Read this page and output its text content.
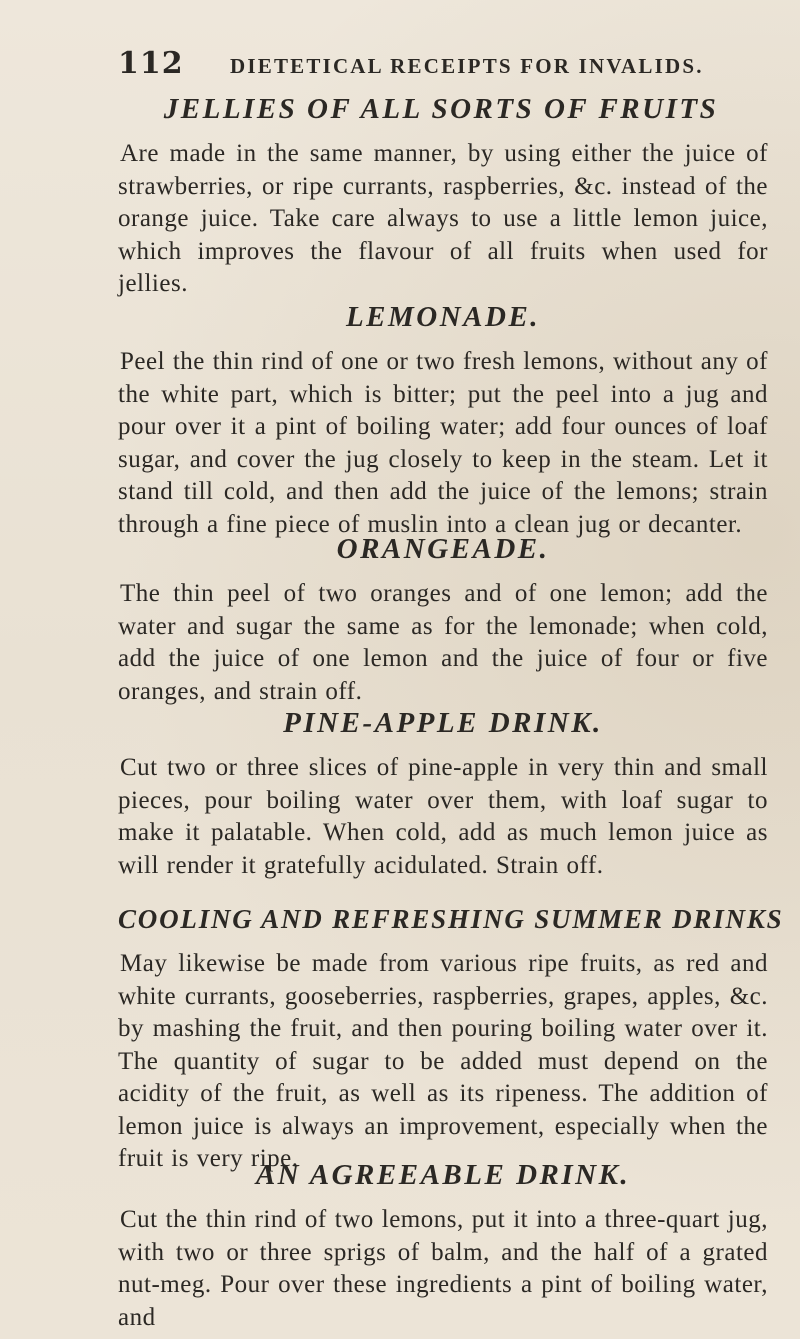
112 DIETETICAL RECEIPTS FOR INVALIDS.
JELLIES OF ALL SORTS OF FRUITS

Are made in the same manner, by using either the juice of strawberries, or ripe currants, raspberries, &c. instead of the orange juice. Take care always to use a little lemon juice, which improves the flavour of all fruits when used for jellies.

LEMONADE.

Peel the thin rind of one or two fresh lemons, without any of the white part, which is bitter; put the peel into a jug and pour over it a pint of boiling water; add four ounces of loaf sugar, and cover the jug closely to keep in the steam. Let it stand till cold, and then add the juice of the lemons; strain through a fine piece of muslin into a clean jug or decanter.

ORANGEADE.

The thin peel of two oranges and of one lemon; add the water and sugar the same as for the lemonade; when cold, add the juice of one lemon and the juice of four or five oranges, and strain off.

PINE-APPLE DRINK.

Cut two or three slices of pine-apple in very thin and small pieces, pour boiling water over them, with loaf sugar to make it palatable. When cold, add as much lemon juice as will render it gratefully acidulated. Strain off.

COOLING AND REFRESHING SUMMER DRINKS

May likewise be made from various ripe fruits, as red and white currants, gooseberries, raspberries, grapes, apples, &c. by mashing the fruit, and then pouring boiling water over it. The quantity of sugar to be added must depend on the acidity of the fruit, as well as its ripeness. The addition of lemon juice is always an improvement, especially when the fruit is very ripe.

AN AGREEABLE DRINK.

Cut the thin rind of two lemons, put it into a three-quart jug, with two or three sprigs of balm, and the half of a grated nut-meg. Pour over these ingredients a pint of boiling water, and
